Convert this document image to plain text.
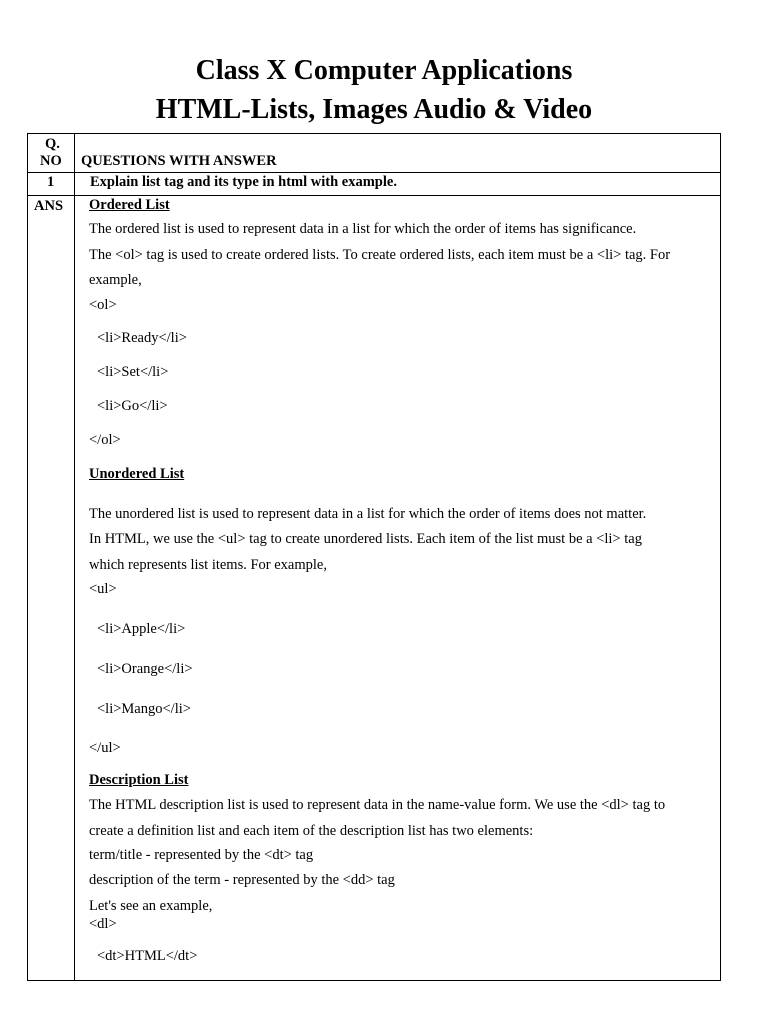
Class X Computer Applications
HTML-Lists, Images Audio & Video
Q.
NO QUESTIONS WITH ANSWER
1 Explain list tag and its type in html with example.
ANS Ordered List
The ordered list is used to represent data in a list for which the order of items has significance.
The <ol> tag is used to create ordered lists. To create ordered lists, each item must be a <li> tag. For
example,
<ol>
<li>Ready</li>
<li>Set</li>
<li>Go</li>
</ol>
Unordered List
The unordered list is used to represent data in a list for which the order of items does not matter.
In HTML, we use the <ul> tag to create unordered lists. Each item of the list must be a <li> tag
which represents list items. For example,
<ul>
<li>Apple</li>
<li>Orange</li>
<li>Mango</li>
</ul>
Description List
The HTML description list is used to represent data in the name-value form. We use the <dl> tag to
create a definition list and each item of the description list has two elements:
term/title - represented by the <dt> tag
description of the term - represented by the <dd> tag
Let's see an example,
<dl>
<dt>HTML</dt>
